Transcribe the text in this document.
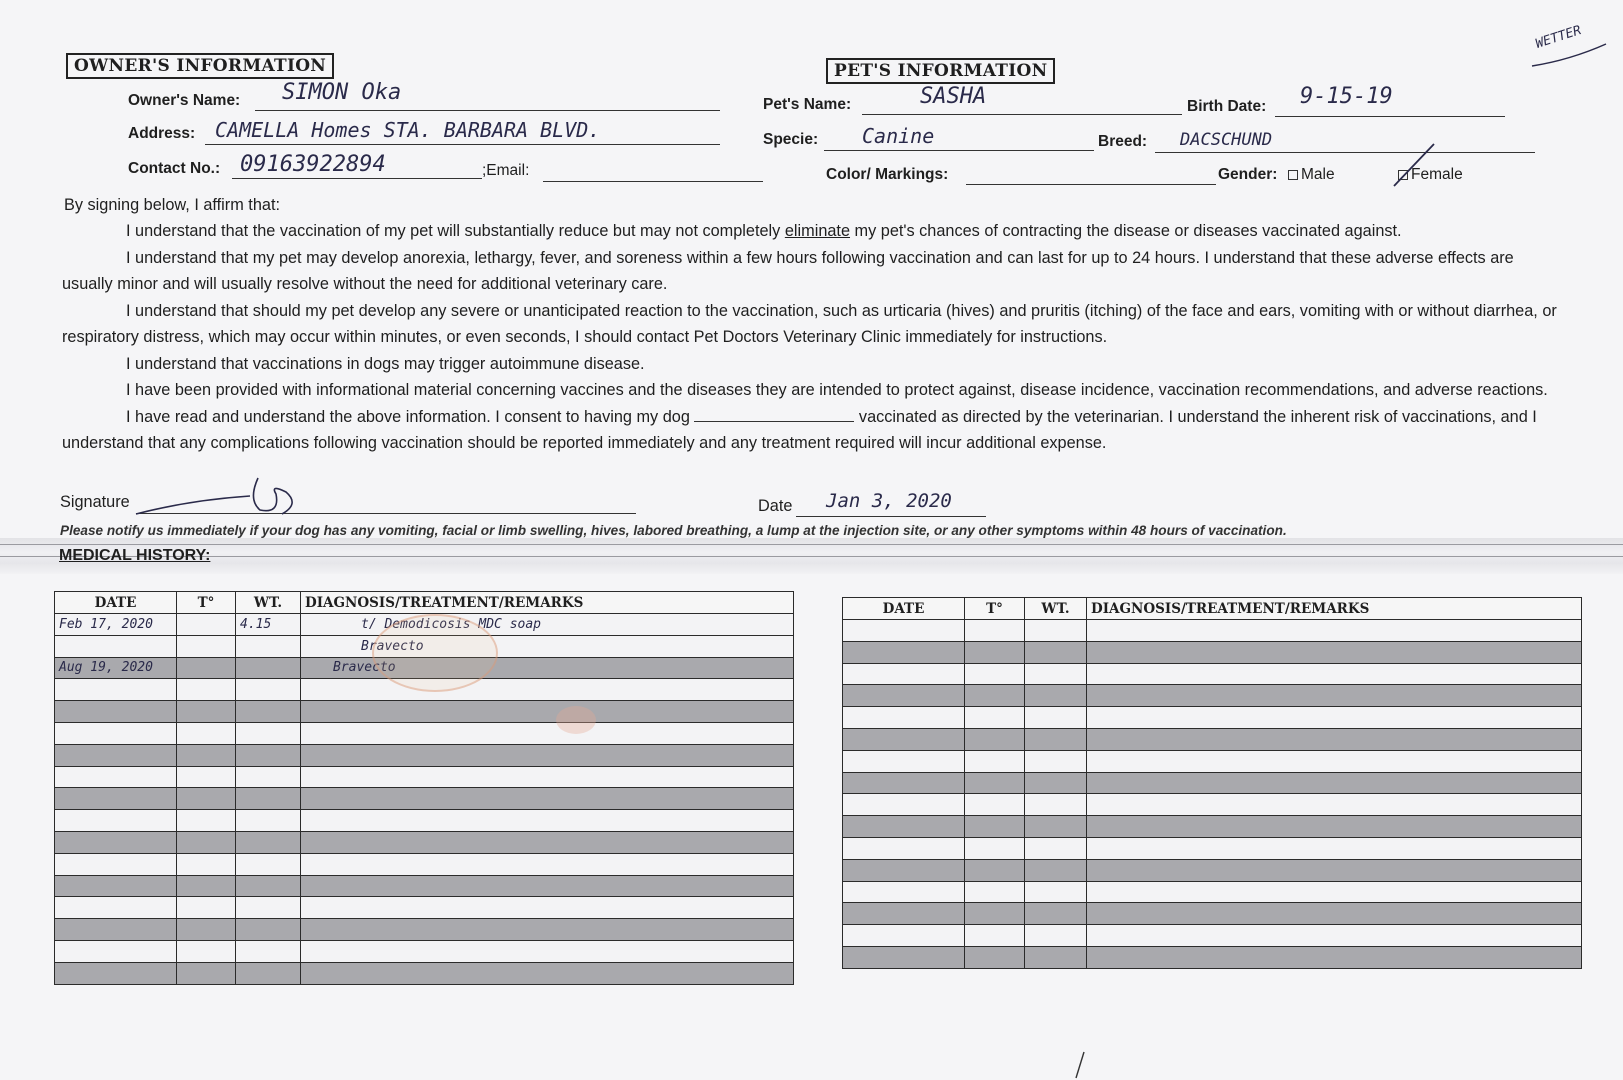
OWNER'S INFORMATION
Owner's Name: SIMON Oka
Address: CAMELLA Homes STA. BARBARA BLVD.
Contact No.: 09163922894	;Email:
PET'S INFORMATION
Pet's Name:	SASHA	Birth Date: 9-15-19
Specie: Canine	Breed: DACSCHUND
Color/ Markings:	Gender:	Male	Female
WETTER
By signing below, I affirm that:

I understand that the vaccination of my pet will substantially reduce but may not completely eliminate my pet's chances of contracting the disease or diseases vaccinated against.

I understand that my pet may develop anorexia, lethargy, fever, and soreness within a few hours following vaccination and can last for up to 24 hours. I understand that these adverse effects are usually minor and will usually resolve without the need for additional veterinary care.

I understand that should my pet develop any severe or unanticipated reaction to the vaccination, such as urticaria (hives) and pruritis (itching) of the face and ears, vomiting with or without diarrhea, or respiratory distress, which may occur within minutes, or even seconds, I should contact Pet Doctors Veterinary Clinic immediately for instructions.

I understand that vaccinations in dogs may trigger autoimmune disease.

I have been provided with informational material concerning vaccines and the diseases they are intended to protect against, disease incidence, vaccination recommendations, and adverse reactions.

I have read and understand the above information. I consent to having my dog	vaccinated as directed by the veterinarian. I understand the inherent risk of vaccinations, and I understand that any complications following vaccination should be reported immediately and any treatment required will incur additional expense.

Signature	Date Jan 3, 2020
Please notify us immediately if your dog has any vomiting, facial or limb swelling, hives, labored breathing, a lump at the injection site, or any other symptoms within 48 hours of vaccination.
MEDICAL HISTORY:
DATE	T°	WT.	DIAGNOSIS/TREATMENT/REMARKS
Feb 17, 2020		4.15	t/ Demodicosis MDC soap
			Bravecto
Aug 19, 2020			Bravecto

DATE	T°	WT.	DIAGNOSIS/TREATMENT/REMARKS
